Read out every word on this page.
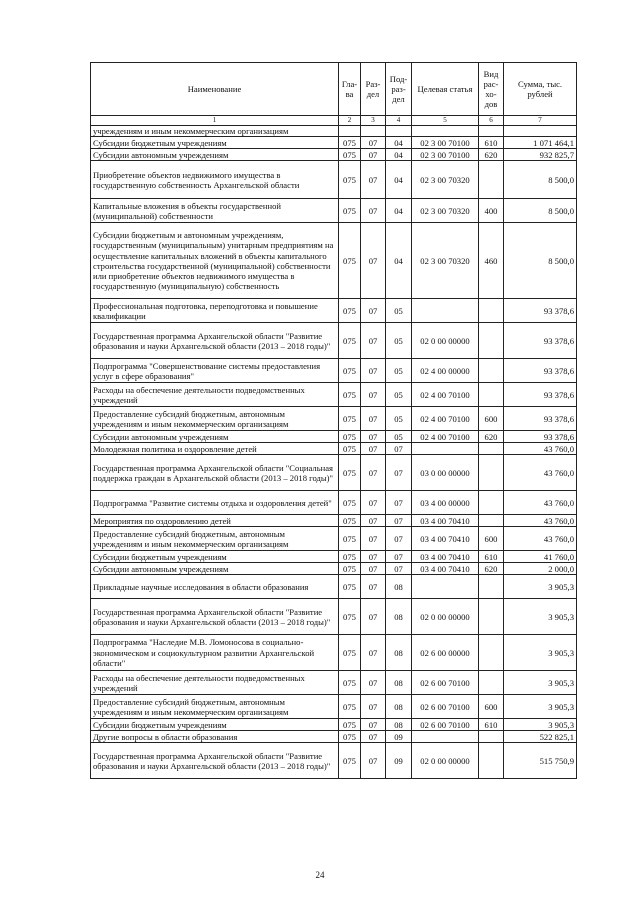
Наименование	Гла-ва	Раз-дел	Под-раз-дел	Целевая статья	Вид рас-хо-дов	Сумма, тыс. рублей
1	2	3	4	5	6	7
учреждениям и иным некоммерческим организациям						
Субсидии бюджетным учреждениям	075	07	04	02 3 00 70100	610	1 071 464,1
Субсидии автономным учреждениям	075	07	04	02 3 00 70100	620	932 825,7
Приобретение объектов недвижимого имущества в государственную собственность Архангельской области	075	07	04	02 3 00 70320		8 500,0
Капитальные вложения в объекты государственной (муниципальной) собственности	075	07	04	02 3 00 70320	400	8 500,0
Субсидии бюджетным и автономным учреждениям, государственным (муниципальным) унитарным предприятиям на осуществление капитальных вложений в объекты капитального строительства государственной (муниципальной) собственности или приобретение объектов недвижимого имущества в государственную (муниципальную) собственность	075	07	04	02 3 00 70320	460	8 500,0
Профессиональная подготовка, переподготовка и повышение квалификации	075	07	05			93 378,6
Государственная программа Архангельской области "Развитие образования и науки Архангельской области (2013 – 2018 годы)"	075	07	05	02 0 00 00000		93 378,6
Подпрограмма "Совершенствование системы предоставления услуг в сфере образования"	075	07	05	02 4 00 00000		93 378,6
Расходы на обеспечение деятельности подведомственных учреждений	075	07	05	02 4 00 70100		93 378,6
Предоставление субсидий бюджетным, автономным учреждениям и иным некоммерческим организациям	075	07	05	02 4 00 70100	600	93 378,6
Субсидии автономным учреждениям	075	07	05	02 4 00 70100	620	93 378,6
Молодежная политика и оздоровление детей	075	07	07			43 760,0
Государственная программа Архангельской области "Социальная поддержка граждан в Архангельской области (2013 – 2018 годы)"	075	07	07	03 0 00 00000		43 760,0
Подпрограмма "Развитие системы отдыха и оздоровления детей"	075	07	07	03 4 00 00000		43 760,0
Мероприятия по оздоровлению детей	075	07	07	03 4 00 70410		43 760,0
Предоставление субсидий бюджетным, автономным учреждениям и иным некоммерческим организациям	075	07	07	03 4 00 70410	600	43 760,0
Субсидии бюджетным учреждениям	075	07	07	03 4 00 70410	610	41 760,0
Субсидии автономным учреждениям	075	07	07	03 4 00 70410	620	2 000,0
Прикладные научные исследования в области образования	075	07	08			3 905,3
Государственная программа Архангельской области "Развитие образования и науки Архангельской области (2013 – 2018 годы)"	075	07	08	02 0 00 00000		3 905,3
Подпрограмма "Наследие М.В. Ломоносова в социально-экономическом и социокультурном развитии Архангельской области"	075	07	08	02 6 00 00000		3 905,3
Расходы на обеспечение деятельности подведомственных учреждений	075	07	08	02 6 00 70100		3 905,3
Предоставление субсидий бюджетным, автономным учреждениям и иным некоммерческим организациям	075	07	08	02 6 00 70100	600	3 905,3
Субсидии бюджетным учреждениям	075	07	08	02 6 00 70100	610	3 905,3
Другие вопросы в области образования	075	07	09			522 825,1
Государственная программа Архангельской области "Развитие образования и науки Архангельской области (2013 – 2018 годы)"	075	07	09	02 0 00 00000		515 750,9
24
